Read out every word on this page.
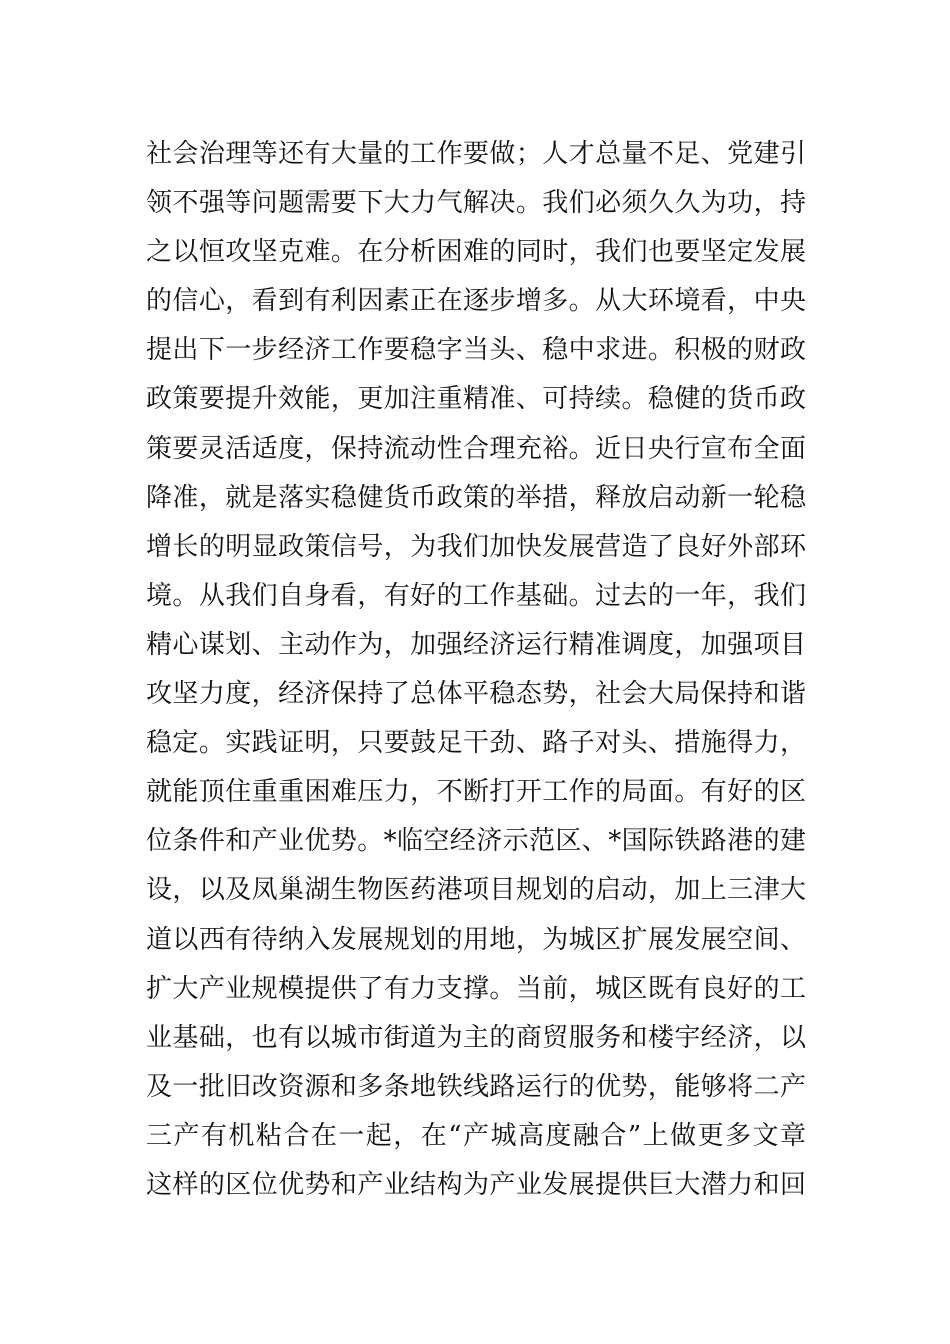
社会治理等还有大量的工作要做；人才总量不足、党建引
领不强等问题需要下大力气解决。我们必须久久为功，持
之以恒攻坚克难。在分析困难的同时，我们也要坚定发展
的信心，看到有利因素正在逐步增多。从大环境看，中央
提出下一步经济工作要稳字当头、稳中求进。积极的财政
政策要提升效能，更加注重精准、可持续。稳健的货币政
策要灵活适度，保持流动性合理充裕。近日央行宣布全面
降准，就是落实稳健货币政策的举措，释放启动新一轮稳
增长的明显政策信号，为我们加快发展营造了良好外部环
境。从我们自身看，有好的工作基础。过去的一年，我们
精心谋划、主动作为，加强经济运行精准调度，加强项目
攻坚力度，经济保持了总体平稳态势，社会大局保持和谐
稳定。实践证明，只要鼓足干劲、路子对头、措施得力，
就能顶住重重困难压力，不断打开工作的局面。有好的区
位条件和产业优势。*临空经济示范区、*国际铁路港的建
设，以及凤巢湖生物医药港项目规划的启动，加上三津大
道以西有待纳入发展规划的用地，为城区扩展发展空间、
扩大产业规模提供了有力支撑。当前，城区既有良好的工
业基础，也有以城市街道为主的商贸服务和楼宇经济，以
及一批旧改资源和多条地铁线路运行的优势，能够将二产
三产有机粘合在一起，在“产城高度融合”上做更多文章
这样的区位优势和产业结构为产业发展提供巨大潜力和回
